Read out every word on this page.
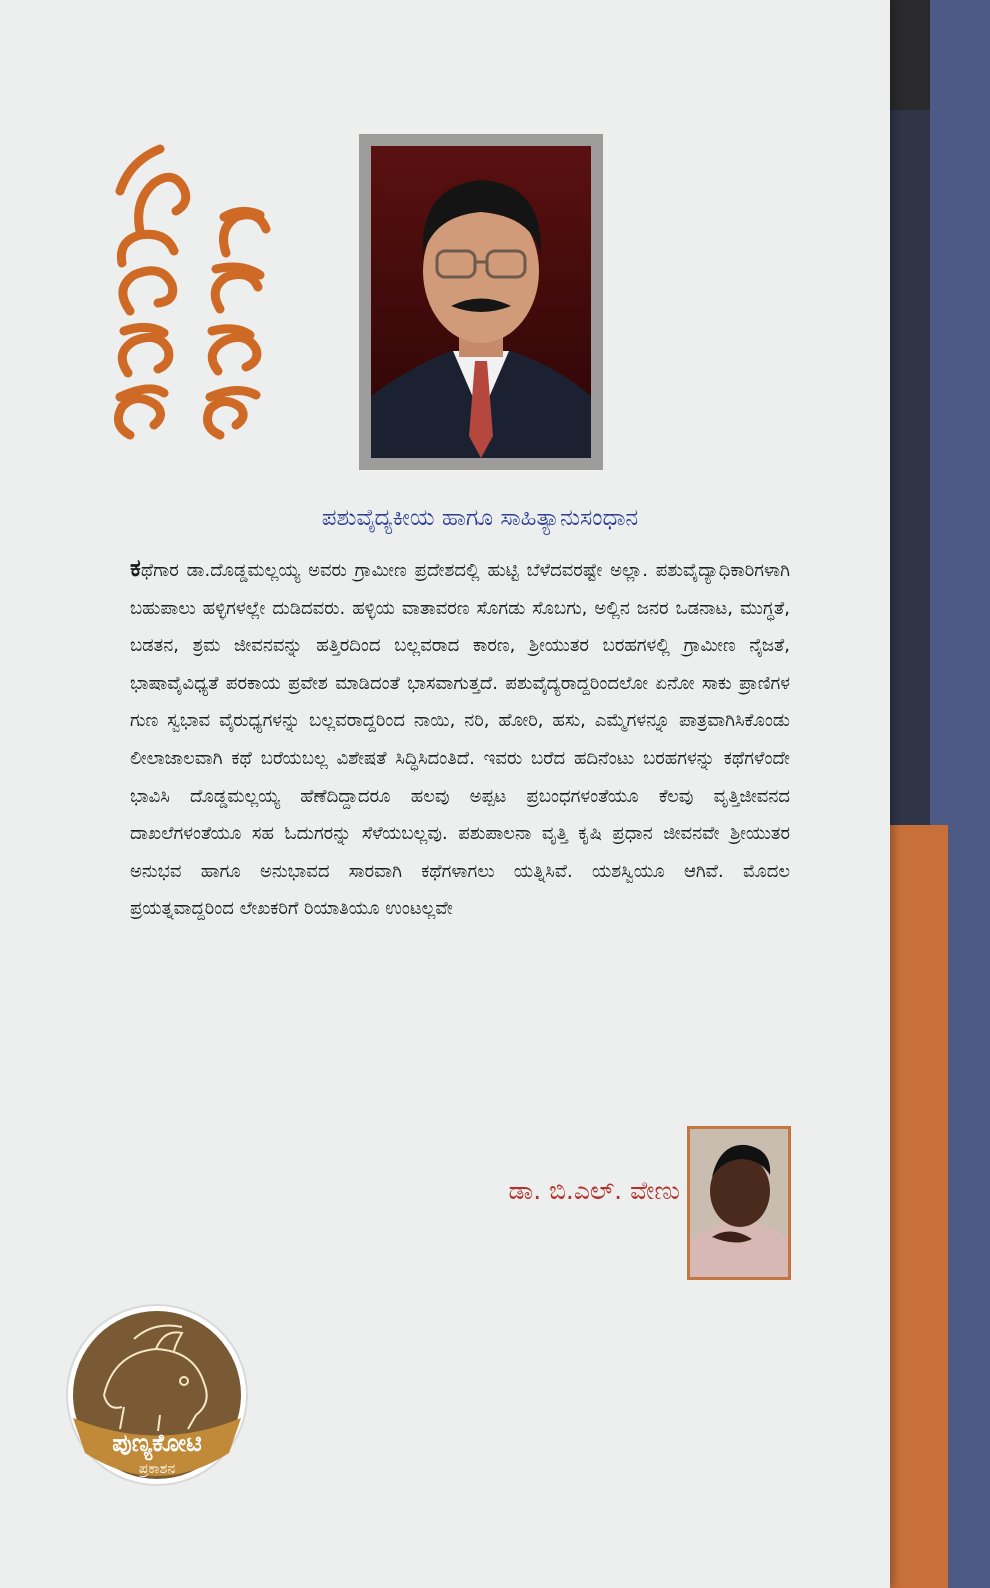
ಪಶುವೈದ್ಯಕೀಯ ಹಾಗೂ ಸಾಹಿತ್ಯಾನುಸಂಧಾನ
ಕಥೆಗಾರ ಡಾ.ದೊಡ್ಡಮಲ್ಲಯ್ಯ ಅವರು ಗ್ರಾಮೀಣ ಪ್ರದೇಶದಲ್ಲಿ ಹುಟ್ಟಿ ಬೆಳೆದವರಷ್ಟೇ ಅಲ್ಲಾ. ಪಶುವೈದ್ಯಾಧಿಕಾರಿಗಳಾಗಿ ಬಹುಪಾಲು ಹಳ್ಳಿಗಳಲ್ಲೇ ದುಡಿದವರು. ಹಳ್ಳಿಯ ವಾತಾವರಣ ಸೊಗಡು ಸೊಬಗು, ಅಲ್ಲಿನ ಜನರ ಒಡನಾಟ, ಮುಗ್ಧತೆ, ಬಡತನ, ಶ್ರಮ ಜೀವನವನ್ನು ಹತ್ತಿರದಿಂದ ಬಲ್ಲವರಾದ ಕಾರಣ, ಶ್ರೀಯುತರ ಬರಹಗಳಲ್ಲಿ ಗ್ರಾಮೀಣ ನೈಜತೆ, ಭಾಷಾವೈವಿಧ್ಯತೆ ಪರಕಾಯ ಪ್ರವೇಶ ಮಾಡಿದಂತೆ ಭಾಸವಾಗುತ್ತದೆ. ಪಶುವೈದ್ಯರಾದ್ದರಿಂದಲೋ ಏನೋ ಸಾಕು ಪ್ರಾಣಿಗಳ ಗುಣ ಸ್ವಭಾವ ವೈರುಧ್ಯಗಳನ್ನು ಬಲ್ಲವರಾದ್ದರಿಂದ ನಾಯಿ, ನರಿ, ಹೋರಿ, ಹಸು, ಎಮ್ಮೆಗಳನ್ನೂ ಪಾತ್ರವಾಗಿಸಿಕೊಂಡು ಲೀಲಾಜಾಲವಾಗಿ ಕಥೆ ಬರೆಯಬಲ್ಲ ವಿಶೇಷತೆ ಸಿದ್ಧಿಸಿದಂತಿದೆ. ಇವರು ಬರೆದ ಹದಿನೆಂಟು ಬರಹಗಳನ್ನು ಕಥೆಗಳೆಂದೇ ಭಾವಿಸಿ ದೊಡ್ಡಮಲ್ಲಯ್ಯ ಹೆಣೆದಿದ್ದಾದರೂ ಹಲವು ಅಪ್ಪಟ ಪ್ರಬಂಧಗಳಂತೆಯೂ ಕೆಲವು ವೃತ್ತಿಜೀವನದ ದಾಖಲೆಗಳಂತೆಯೂ ಸಹ ಓದುಗರನ್ನು ಸೆಳೆಯಬಲ್ಲವು. ಪಶುಪಾಲನಾ ವೃತ್ತಿ ಕೃಷಿ ಪ್ರಧಾನ ಜೀವನವೇ ಶ್ರೀಯುತರ ಅನುಭವ ಹಾಗೂ ಅನುಭಾವದ ಸಾರವಾಗಿ ಕಥೆಗಳಾಗಲು ಯತ್ನಿಸಿವೆ. ಯಶಸ್ವಿಯೂ ಆಗಿವೆ. ಮೊದಲ ಪ್ರಯತ್ನವಾದ್ದರಿಂದ ಲೇಖಕರಿಗೆ ರಿಯಾತಿಯೂ ಉಂಟಲ್ಲವೇ
ಡಾ. ಬಿ.ಎಲ್. ವೇಣು
ಪುಣ್ಯಕೋಟಿ
ಪ್ರಕಾಶನ
